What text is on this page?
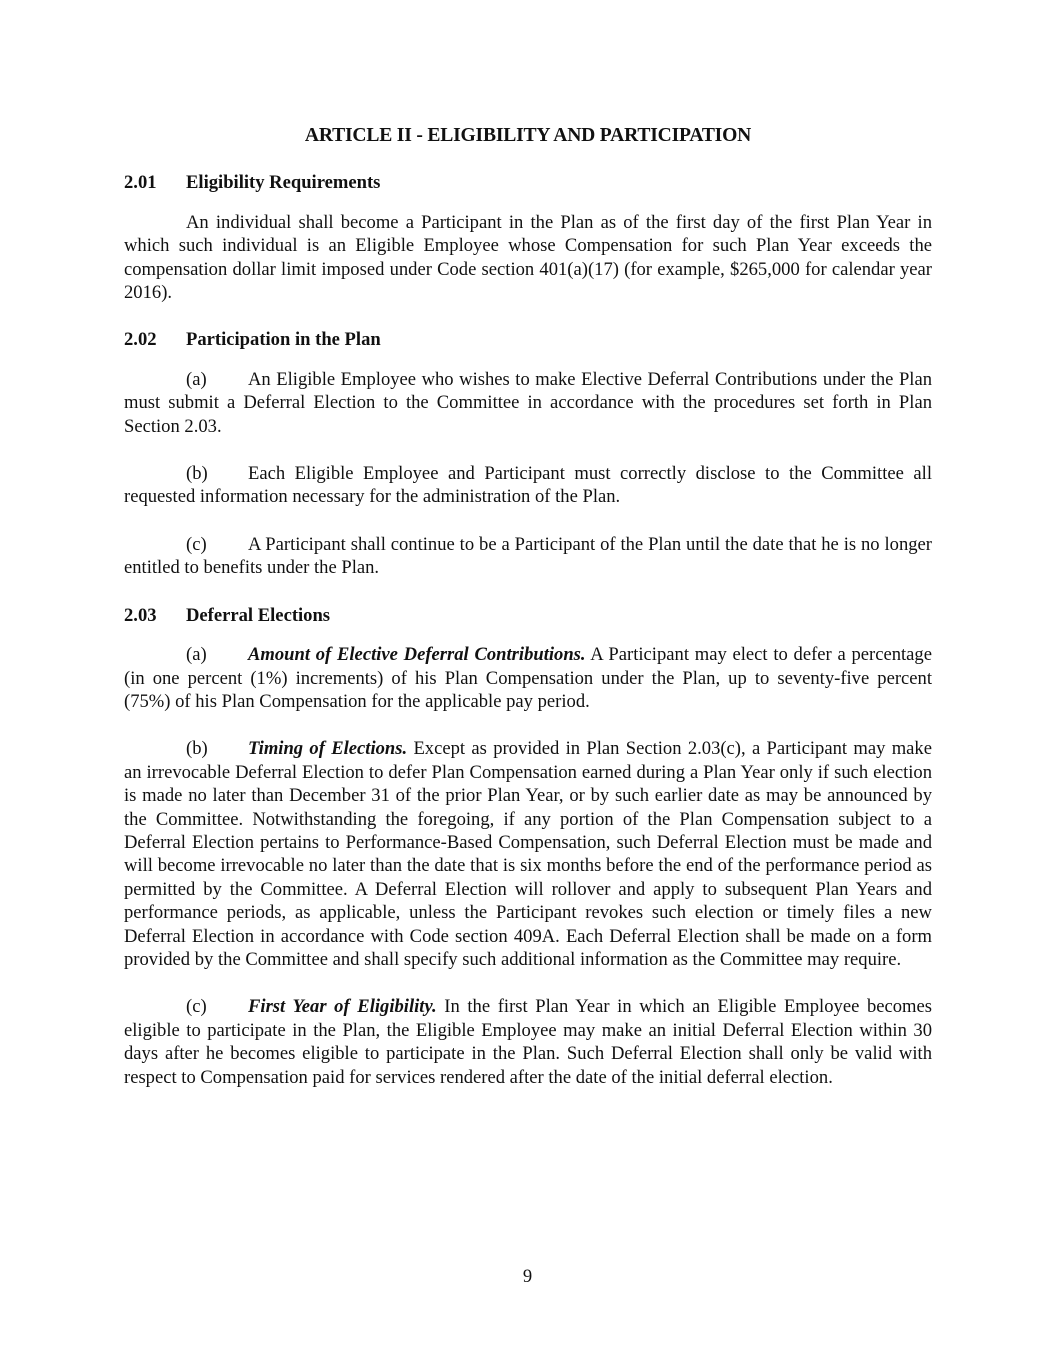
ARTICLE II - ELIGIBILITY AND PARTICIPATION
2.01 Eligibility Requirements
An individual shall become a Participant in the Plan as of the first day of the first Plan Year in which such individual is an Eligible Employee whose Compensation for such Plan Year exceeds the compensation dollar limit imposed under Code section 401(a)(17) (for example, $265,000 for calendar year 2016).
2.02 Participation in the Plan
(a) An Eligible Employee who wishes to make Elective Deferral Contributions under the Plan must submit a Deferral Election to the Committee in accordance with the procedures set forth in Plan Section 2.03.
(b) Each Eligible Employee and Participant must correctly disclose to the Committee all requested information necessary for the administration of the Plan.
(c) A Participant shall continue to be a Participant of the Plan until the date that he is no longer entitled to benefits under the Plan.
2.03 Deferral Elections
(a) Amount of Elective Deferral Contributions. A Participant may elect to defer a percentage (in one percent (1%) increments) of his Plan Compensation under the Plan, up to seventy-five percent (75%) of his Plan Compensation for the applicable pay period.
(b) Timing of Elections. Except as provided in Plan Section 2.03(c), a Participant may make an irrevocable Deferral Election to defer Plan Compensation earned during a Plan Year only if such election is made no later than December 31 of the prior Plan Year, or by such earlier date as may be announced by the Committee. Notwithstanding the foregoing, if any portion of the Plan Compensation subject to a Deferral Election pertains to Performance-Based Compensation, such Deferral Election must be made and will become irrevocable no later than the date that is six months before the end of the performance period as permitted by the Committee. A Deferral Election will rollover and apply to subsequent Plan Years and performance periods, as applicable, unless the Participant revokes such election or timely files a new Deferral Election in accordance with Code section 409A. Each Deferral Election shall be made on a form provided by the Committee and shall specify such additional information as the Committee may require.
(c) First Year of Eligibility. In the first Plan Year in which an Eligible Employee becomes eligible to participate in the Plan, the Eligible Employee may make an initial Deferral Election within 30 days after he becomes eligible to participate in the Plan. Such Deferral Election shall only be valid with respect to Compensation paid for services rendered after the date of the initial deferral election.
9
